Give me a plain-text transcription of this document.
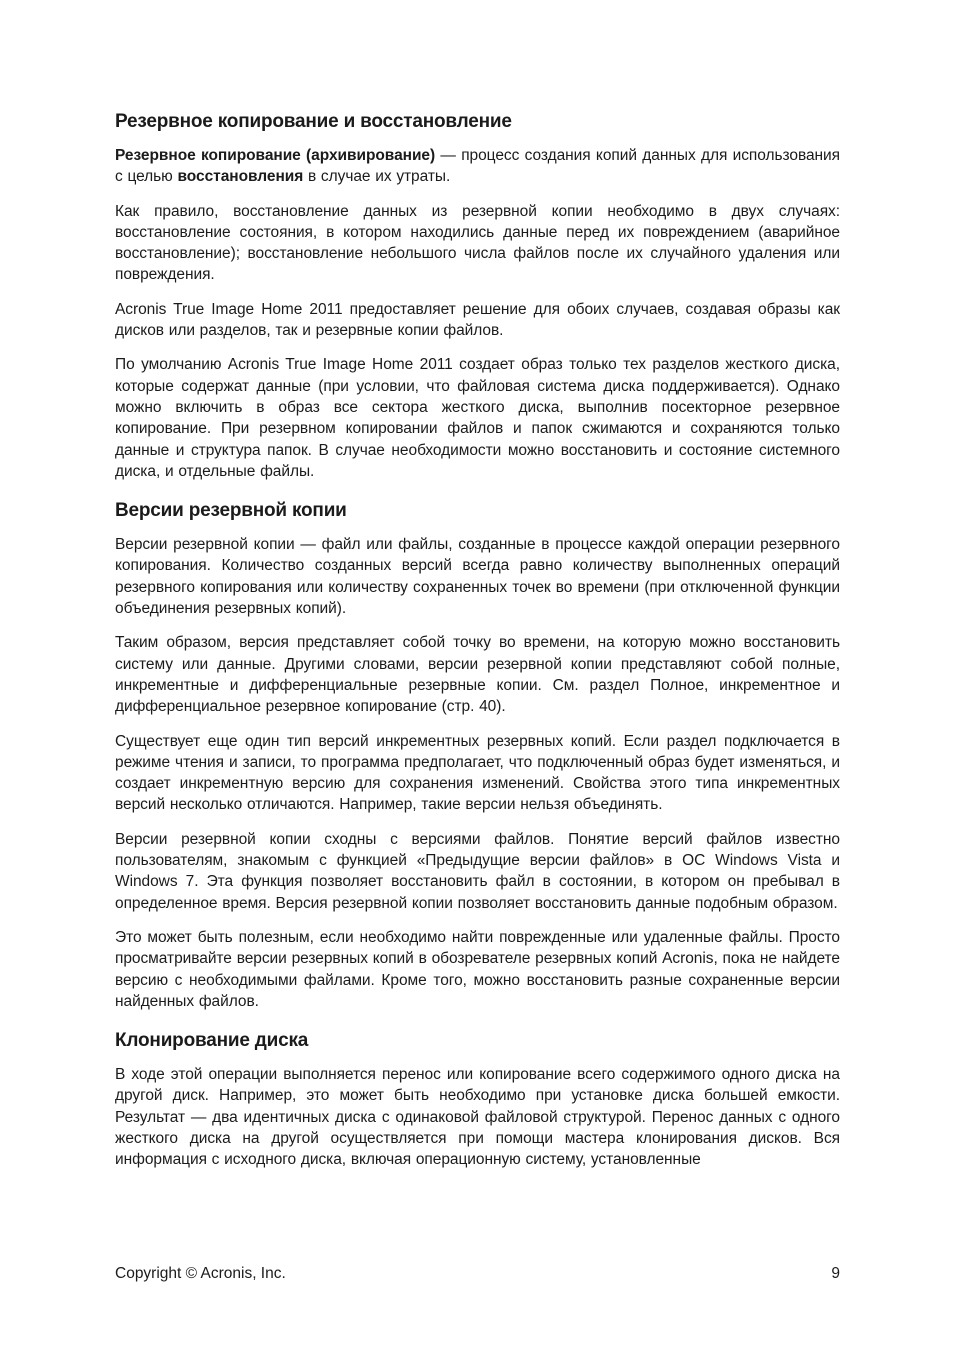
Резервное копирование и восстановление

Резервное копирование (архивирование) — процесс создания копий данных для использования с целью восстановления в случае их утраты.

Как правило, восстановление данных из резервной копии необходимо в двух случаях: восстановление состояния, в котором находились данные перед их повреждением (аварийное восстановление); восстановление небольшого числа файлов после их случайного удаления или повреждения.

Acronis True Image Home 2011 предоставляет решение для обоих случаев, создавая образы как дисков или разделов, так и резервные копии файлов.

По умолчанию Acronis True Image Home 2011 создает образ только тех разделов жесткого диска, которые содержат данные (при условии, что файловая система диска поддерживается). Однако можно включить в образ все сектора жесткого диска, выполнив посекторное резервное копирование. При резервном копировании файлов и папок сжимаются и сохраняются только данные и структура папок. В случае необходимости можно восстановить и состояние системного диска, и отдельные файлы.

Версии резервной копии

Версии резервной копии — файл или файлы, созданные в процессе каждой операции резервного копирования. Количество созданных версий всегда равно количеству выполненных операций резервного копирования или количеству сохраненных точек во времени (при отключенной функции объединения резервных копий).

Таким образом, версия представляет собой точку во времени, на которую можно восстановить систему или данные. Другими словами, версии резервной копии представляют собой полные, инкрементные и дифференциальные резервные копии. См. раздел Полное, инкрементное и дифференциальное резервное копирование (стр. 40).

Существует еще один тип версий инкрементных резервных копий. Если раздел подключается в режиме чтения и записи, то программа предполагает, что подключенный образ будет изменяться, и создает инкрементную версию для сохранения изменений. Свойства этого типа инкрементных версий несколько отличаются. Например, такие версии нельзя объединять.

Версии резервной копии сходны с версиями файлов. Понятие версий файлов известно пользователям, знакомым с функцией «Предыдущие версии файлов» в ОС Windows Vista и Windows 7. Эта функция позволяет восстановить файл в состоянии, в котором он пребывал в определенное время. Версия резервной копии позволяет восстановить данные подобным образом.

Это может быть полезным, если необходимо найти поврежденные или удаленные файлы. Просто просматривайте версии резервных копий в обозревателе резервных копий Acronis, пока не найдете версию с необходимыми файлами. Кроме того, можно восстановить разные сохраненные версии найденных файлов.

Клонирование диска

В ходе этой операции выполняется перенос или копирование всего содержимого одного диска на другой диск. Например, это может быть необходимо при установке диска большей емкости. Результат — два идентичных диска с одинаковой файловой структурой. Перенос данных с одного жесткого диска на другой осуществляется при помощи мастера клонирования дисков. Вся информация с исходного диска, включая операционную систему, установленные

Copyright © Acronis, Inc.	9
